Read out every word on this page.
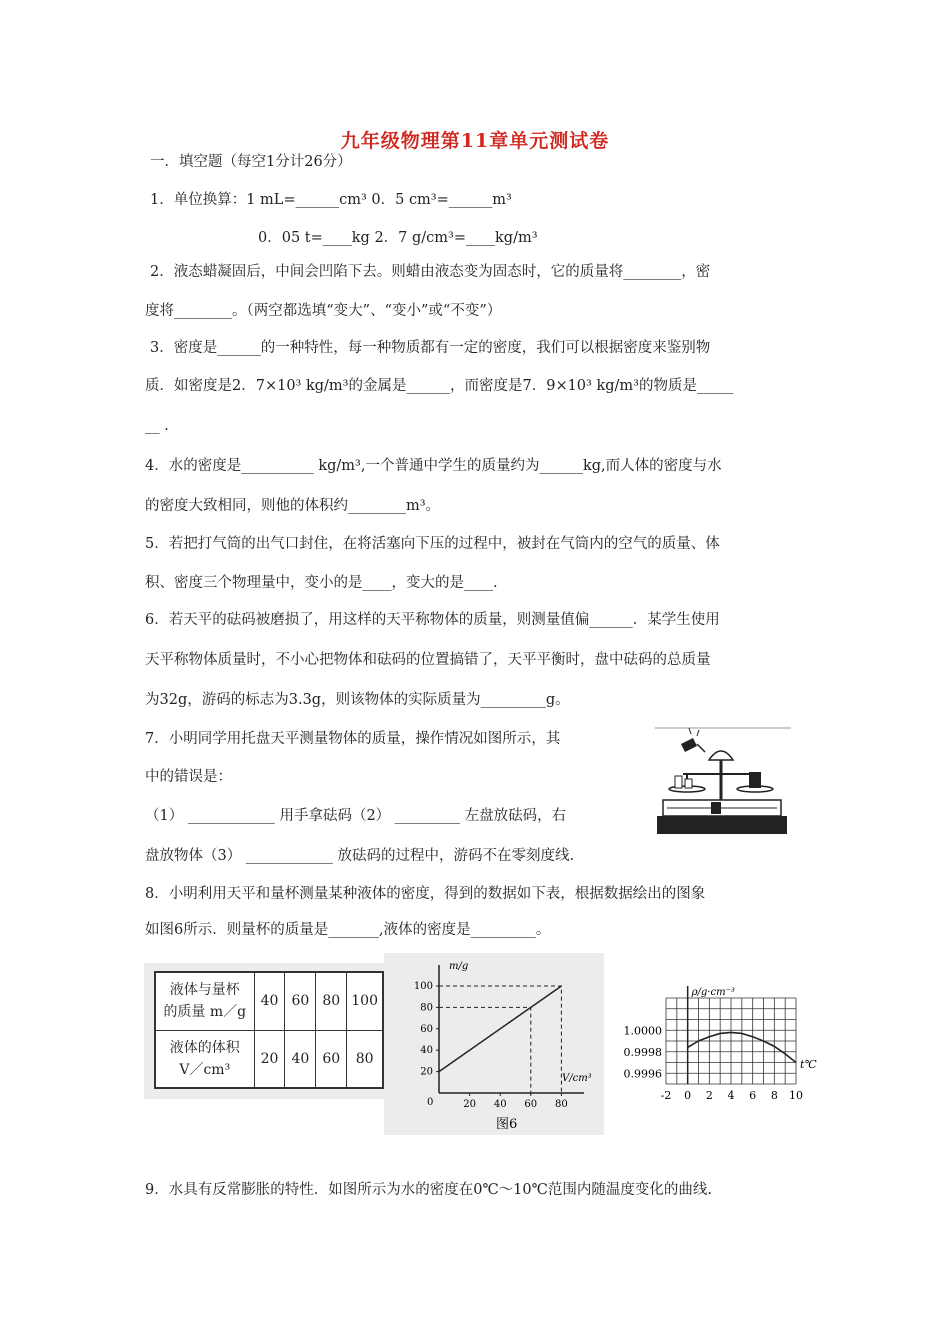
九年级物理第11章单元测试卷
一．填空题（每空1分计26分）
1．单位换算：1 mL=______cm³ 0．5 cm³=______m³
0．05 t=____kg 2．7 g/cm³=____kg/m³
2．液态蜡凝固后，中间会凹陷下去。则蜡由液态变为固态时，它的质量将________，密
度将________。（两空都选填“变大”、“变小”或“不变”）
3．密度是______的一种特性，每一种物质都有一定的密度，我们可以根据密度来鉴别物
质．如密度是2．7×10³ kg/m³的金属是______，而密度是7．9×10³ kg/m³的物质是_____
__ .
4．水的密度是__________ kg/m³,一个普通中学生的质量约为______kg,而人体的密度与水
的密度大致相同，则他的体积约________m³。
5．若把打气筒的出气口封住，在将活塞向下压的过程中，被封在气筒内的空气的质量、体
积、密度三个物理量中，变小的是____，变大的是____.
6．若天平的砝码被磨损了，用这样的天平称物体的质量，则测量值偏______．某学生使用
天平称物体质量时，不小心把物体和砝码的位置搞错了，天平平衡时，盘中砝码的总质量
为32g，游码的标志为3.3g，则该物体的实际质量为_________g。
7．小明同学用托盘天平测量物体的质量，操作情况如图所示，其
中的错误是：
（1） ____________ 用手拿砝码（2） _________ 左盘放砝码，右
盘放物体（3） ____________ 放砝码的过程中，游码不在零刻度线.
8．小明利用天平和量杯测量某种液体的密度，得到的数据如下表，根据数据绘出的图象
如图6所示．则量杯的质量是_______,液体的密度是_________。
9．水具有反常膨胀的特性．如图所示为水的密度在0℃～10℃范围内随温度变化的曲线.
液体与量杯
的质量 m／g	40	60	80	100

液体的体积
V／cm³	20	40	60	80
m/g
V/cm³
0
20
40
60
80
100
20 40 60 80
图6
ρ/g·cm⁻³
t℃
0.9996
0.9998
1.0000
-2 0 2 4 6 8 10
